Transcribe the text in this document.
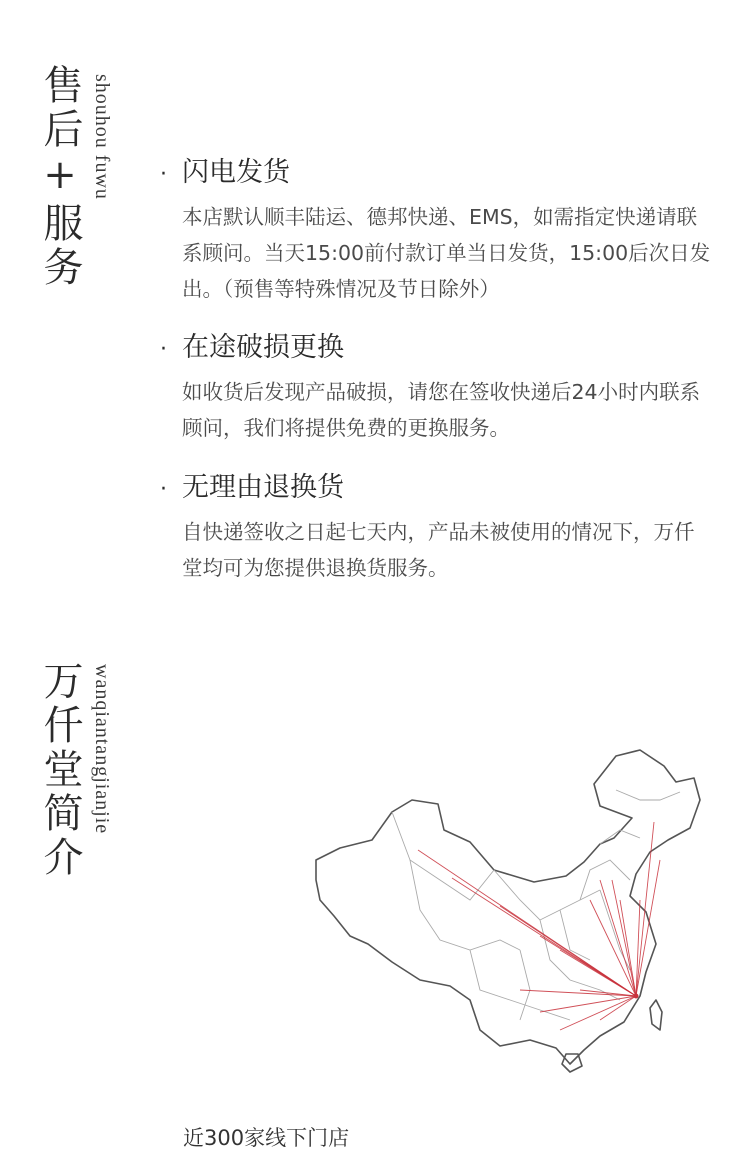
售后+服务 shouhou fuwu · 闪电发货
本店默认顺丰陆运、德邦快递、EMS，如需指定快递请联系顾问。当天15:00前付款订单当日发货，15:00后次日发出。（预售等特殊情况及节日除外）
· 在途破损更换
如收货后发现产品破损，请您在签收快递后24小时内联系顾问，我们将提供免费的更换服务。
· 无理由退换货
自快递签收之日起七天内，产品未被使用的情况下，万仟堂均可为您提供退换货服务。
万仟堂简介 wanqiantangjianjie
近300家线下门店
